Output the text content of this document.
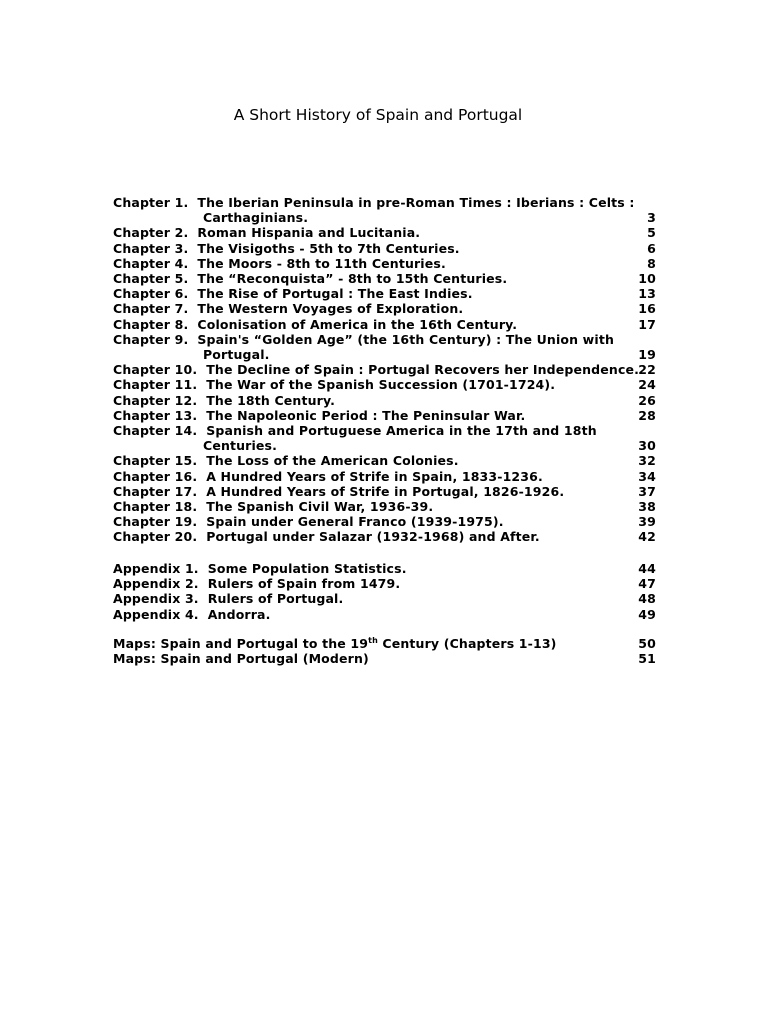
A Short History of Spain and Portugal
Chapter 1. The Iberian Peninsula in pre-Roman Times : Iberians : Celts :
Carthaginians.	3
Chapter 2. Roman Hispania and Lucitania.	5
Chapter 3. The Visigoths - 5th to 7th Centuries.	6
Chapter 4. The Moors - 8th to 11th Centuries.	8
Chapter 5. The “Reconquista” - 8th to 15th Centuries.	10
Chapter 6. The Rise of Portugal : The East Indies.	13
Chapter 7. The Western Voyages of Exploration.	16
Chapter 8. Colonisation of America in the 16th Century.	17
Chapter 9. Spain's “Golden Age” (the 16th Century) : The Union with
Portugal.	19
Chapter 10. The Decline of Spain : Portugal Recovers her Independence. 22
Chapter 11. The War of the Spanish Succession (1701-1724).	24
Chapter 12. The 18th Century.	26
Chapter 13. The Napoleonic Period : The Peninsular War.	28
Chapter 14. Spanish and Portuguese America in the 17th and 18th
Centuries.	30
Chapter 15. The Loss of the American Colonies.	32
Chapter 16. A Hundred Years of Strife in Spain, 1833-1236.	34
Chapter 17. A Hundred Years of Strife in Portugal, 1826-1926.	37
Chapter 18. The Spanish Civil War, 1936-39.	38
Chapter 19. Spain under General Franco (1939-1975).	39
Chapter 20. Portugal under Salazar (1932-1968) and After.	42
Appendix 1. Some Population Statistics.	44
Appendix 2. Rulers of Spain from 1479.	47
Appendix 3. Rulers of Portugal.	48
Appendix 4. Andorra.	49
Maps: Spain and Portugal to the 19th Century (Chapters 1-13)	50
Maps: Spain and Portugal (Modern)	51
